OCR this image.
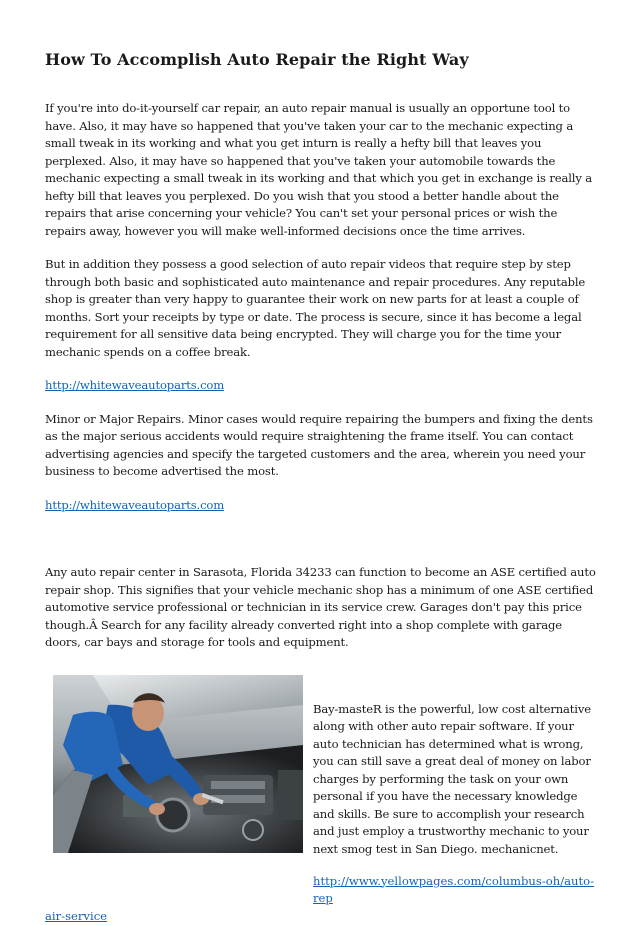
How To Accomplish Auto Repair the Right Way

If you're into do-it-yourself car repair, an auto repair manual is usually an opportune tool to have. Also, it may have so happened that you've taken your car to the mechanic expecting a small tweak in its working and what you get inturn is really a hefty bill that leaves you perplexed. Also, it may have so happened that you've taken your automobile towards the mechanic expecting a small tweak in its working and that which you get in exchange is really a hefty bill that leaves you perplexed. Do you wish that you stood a better handle about the repairs that arise concerning your vehicle? You can't set your personal prices or wish the repairs away, however you will make well-informed decisions once the time arrives.

But in addition they possess a good selection of auto repair videos that require step by step through both basic and sophisticated auto maintenance and repair procedures. Any reputable shop is greater than very happy to guarantee their work on new parts for at least a couple of months. Sort your receipts by type or date. The process is secure, since it has become a legal requirement for all sensitive data being encrypted. They will charge you for the time your mechanic spends on a coffee break.

http://whitewaveautoparts.com

Minor or Major Repairs. Minor cases would require repairing the bumpers and fixing the dents as the major serious accidents would require straightening the frame itself. You can contact advertising agencies and specify the targeted customers and the area, wherein you need your business to become advertised the most.

http://whitewaveautoparts.com

Any auto repair center in Sarasota, Florida 34233 can function to become an ASE certified auto repair shop. This signifies that your vehicle mechanic shop has a minimum of one ASE certified automotive service professional or technician in its service crew. Garages don't pay this price though.Â Search for any facility already converted right into a shop complete with garage doors, car bays and storage for tools and equipment.

Bay-masteR is the powerful, low cost alternative along with other auto repair software. If your auto technician has determined what is wrong, you can still save a great deal of money on labor charges by performing the task on your own personal if you have the necessary knowledge and skills. Be sure to accomplish your research and just employ a trustworthy mechanic to your next smog test in San Diego. mechanicnet.

http://www.yellowpages.com/columbus-oh/auto-rep
air-service
